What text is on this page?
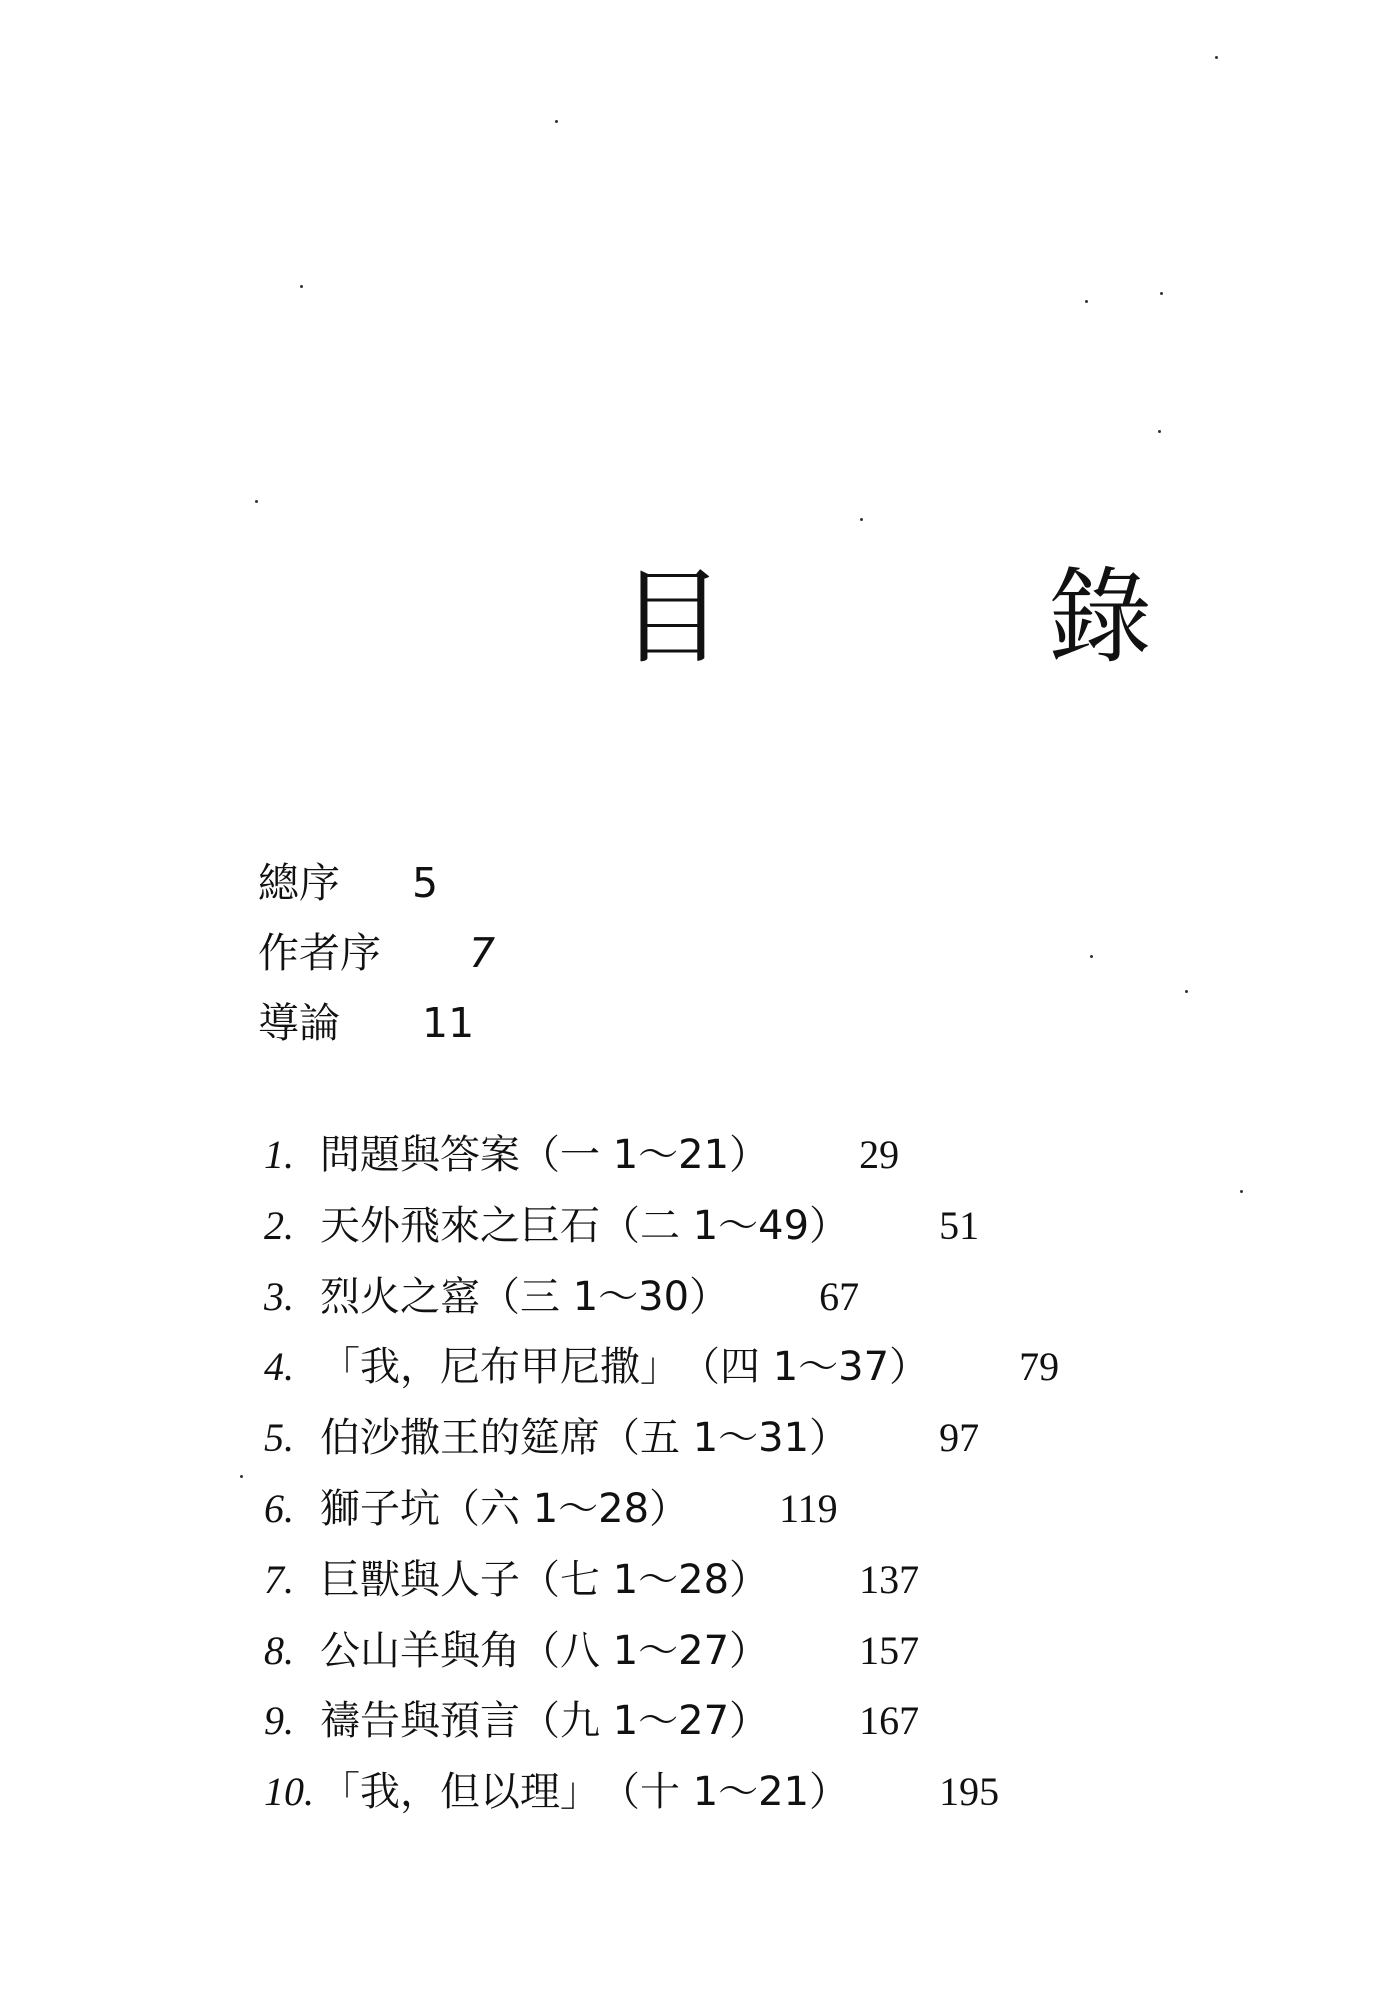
目　錄
總序 5
作者序 7
導論 11
1. 問題與答案 （一 1～21） 29
2. 天外飛來之巨石 （二 1～49） 51
3. 烈火之窰 （三 1～30） 67
4. 「我，尼布甲尼撒」 （四 1～37） 79
5. 伯沙撒王的筵席 （五 1～31） 97
6. 獅子坑 （六 1～28） 119
7. 巨獸與人子 （七 1～28） 137
8. 公山羊與角 （八 1～27） 157
9. 禱告與預言 （九 1～27） 167
10. 「我，但以理」 （十 1～21） 195
